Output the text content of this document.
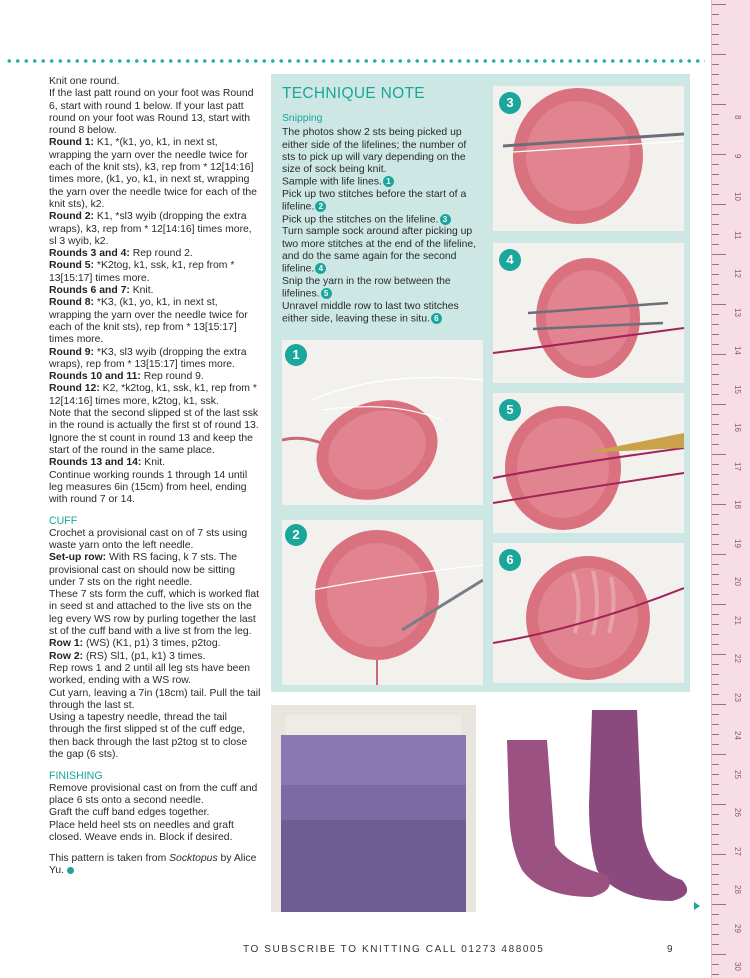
8
9
10
11
12
13
14
15
16
17
18
19
20
21
22
23
24
25
26
27
28
29
30

Knit one round.

If the last patt round on your foot was Round 6, start with round 1 below. If your last patt round on your foot was Round 13, start with round 8 below.

Round 1: K1, *(k1, yo, k1, in next st, wrapping the yarn over the needle twice for each of the knit sts), k3, rep from * 12[14:16] times more, (k1, yo, k1, in next st, wrapping the yarn over the needle twice for each of the knit sts), k2.

Round 2: K1, *sl3 wyib (dropping the extra wraps), k3, rep from * 12[14:16] times more, sl 3 wyib, k2.

Rounds 3 and 4: Rep round 2.

Round 5: *K2tog, k1, ssk, k1, rep from * 13[15:17] times more.

Rounds 6 and 7: Knit.

Round 8: *K3, (k1, yo, k1, in next st, wrapping the yarn over the needle twice for each of the knit sts), rep from * 13[15:17] times more.

Round 9: *K3, sl3 wyib (dropping the extra wraps), rep from * 13[15:17] times more.

Rounds 10 and 11: Rep round 9.

Round 12: K2, *k2tog, k1, ssk, k1, rep from * 12[14:16] times more, k2tog, k1, ssk.

Note that the second slipped st of the last ssk in the round is actually the first st of round 13.

Ignore the st count in round 13 and keep the start of the round in the same place.

Rounds 13 and 14: Knit.

Continue working rounds 1 through 14 until leg measures 6in (15cm) from heel, ending with round 7 or 14.

CUFF

Crochet a provisional cast on of 7 sts using waste yarn onto the left needle.

Set-up row: With RS facing, k 7 sts. The provisional cast on should now be sitting under 7 sts on the right needle.

These 7 sts form the cuff, which is worked flat in seed st and attached to the live sts on the leg every WS row by purling together the last st of the cuff band with a live st from the leg.

Row 1: (WS) (K1, p1) 3 times, p2tog.

Row 2: (RS) Sl1, (p1, k1) 3 times.

Rep rows 1 and 2 until all leg sts have been worked, ending with a WS row.

Cut yarn, leaving a 7in (18cm) tail. Pull the tail through the last st.

Using a tapestry needle, thread the tail through the first slipped st of the cuff edge, then back through the last p2tog st to close the gap (6 sts).

FINISHING

Remove provisional cast on from the cuff and place 6 sts onto a second needle.

Graft the cuff band edges together.

Place held heel sts on needles and graft closed. Weave ends in. Block if desired.

This pattern is taken from Socktopus by Alice Yu.

TECHNIQUE NOTE

Snipping

The photos show 2 sts being picked up either side of the lifelines; the number of sts to pick up will vary depending on the size of sock being knit.

Sample with life lines. 1

Pick up two stitches before the start of a lifeline. 2

Pick up the stitches on the lifeline. 3

Turn sample sock around after picking up two more stitches at the end of the lifeline, and do the same again for the second lifeline. 4

Snip the yarn in the row between the lifelines. 5

Unravel middle row to last two stitches either side, leaving these in situ. 6

1
2
3
4
5
6
TO SUBSCRIBE TO KNITTING CALL 01273 488005	9
